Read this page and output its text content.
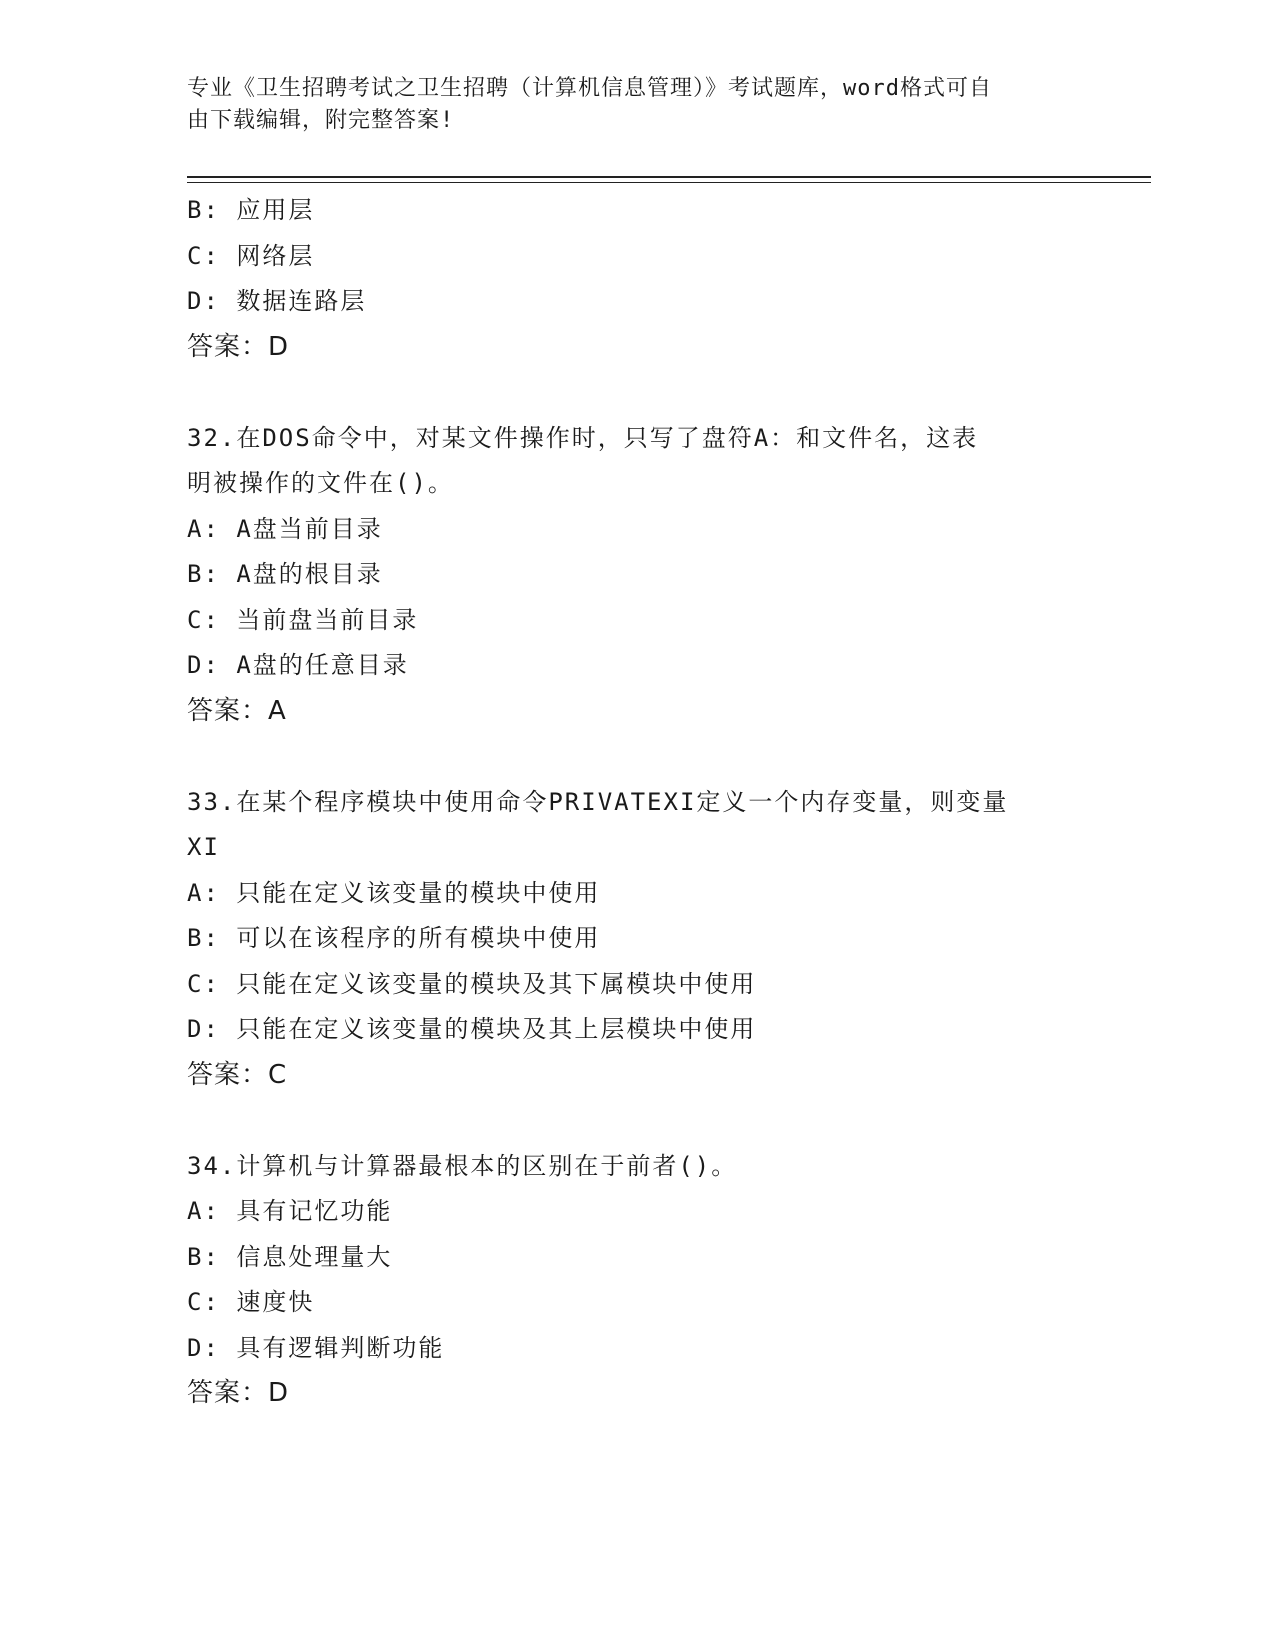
专业《卫生招聘考试之卫生招聘（计算机信息管理）》考试题库，word格式可自
由下载编辑，附完整答案!
B: 应用层
C: 网络层
D: 数据连路层
答案：D
32.在DOS命令中，对某文件操作时，只写了盘符A：和文件名，这表
明被操作的文件在()。
A: A盘当前目录
B: A盘的根目录
C: 当前盘当前目录
D: A盘的任意目录
答案：A
33.在某个程序模块中使用命令PRIVATEXI定义一个内存变量，则变量
XI
A: 只能在定义该变量的模块中使用
B: 可以在该程序的所有模块中使用
C: 只能在定义该变量的模块及其下属模块中使用
D: 只能在定义该变量的模块及其上层模块中使用
答案：C
34.计算机与计算器最根本的区别在于前者()。
A: 具有记忆功能
B: 信息处理量大
C: 速度快
D: 具有逻辑判断功能
答案：D
